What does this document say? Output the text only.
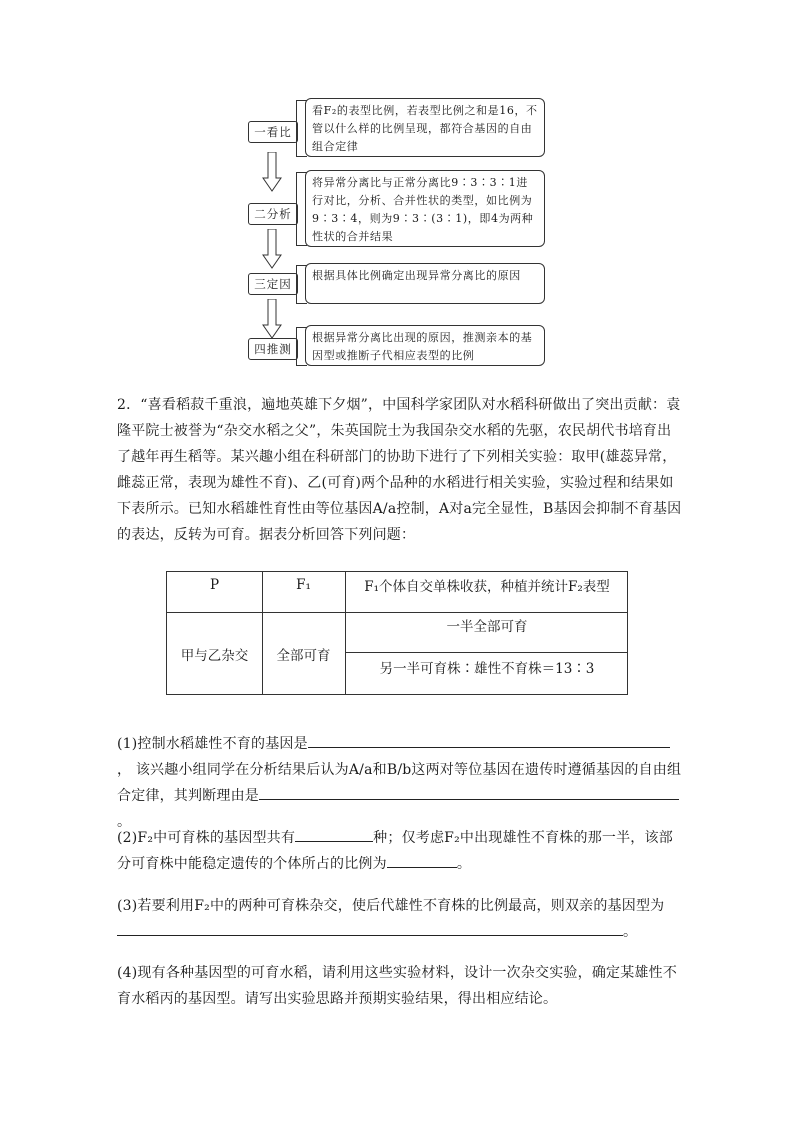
一看比
看F₂的表型比例，若表型比例之和是16，不管以什么样的比例呈现，都符合基因的自由组合定律
二分析
将异常分离比与正常分离比9∶3∶3∶1进行对比，分析、合并性状的类型，如比例为9∶3∶4，则为9∶3∶(3∶1)，即4为两种性状的合并结果
三定因
根据具体比例确定出现异常分离比的原因
四推测
根据异常分离比出现的原因，推测亲本的基因型或推断子代相应表型的比例
2．“喜看稻菽千重浪，遍地英雄下夕烟”，中国科学家团队对水稻科研做出了突出贡献：袁隆平院士被誉为“杂交水稻之父”，朱英国院士为我国杂交水稻的先驱，农民胡代书培育出了越年再生稻等。某兴趣小组在科研部门的协助下进行了下列相关实验：取甲(雄蕊异常，雌蕊正常，表现为雄性不育)、乙(可育)两个品种的水稻进行相关实验，实验过程和结果如下表所示。已知水稻雄性育性由等位基因A/a控制，A对a完全显性，B基因会抑制不育基因的表达，反转为可育。据表分析回答下列问题：
P	F₁	F₁个体自交单株收获，种植并统计F₂表型
甲与乙杂交	全部可育
一半全部可育
另一半可育株∶雄性不育株＝13∶3
(1)控制水稻雄性不育的基因是， 该兴趣小组同学在分析结果后认为A/a和B/b这两对等位基因在遗传时遵循基因的自由组合定律，其判断理由是。
(2)F₂中可育株的基因型共有	种；仅考虑F₂中出现雄性不育株的那一半，该部分可育株中能稳定遗传的个体所占的比例为	。
(3)若要利用F₂中的两种可育株杂交，使后代雄性不育株的比例最高，则双亲的基因型为
。
(4)现有各种基因型的可育水稻，请利用这些实验材料，设计一次杂交实验，确定某雄性不育水稻丙的基因型。请写出实验思路并预期实验结果，得出相应结论。
